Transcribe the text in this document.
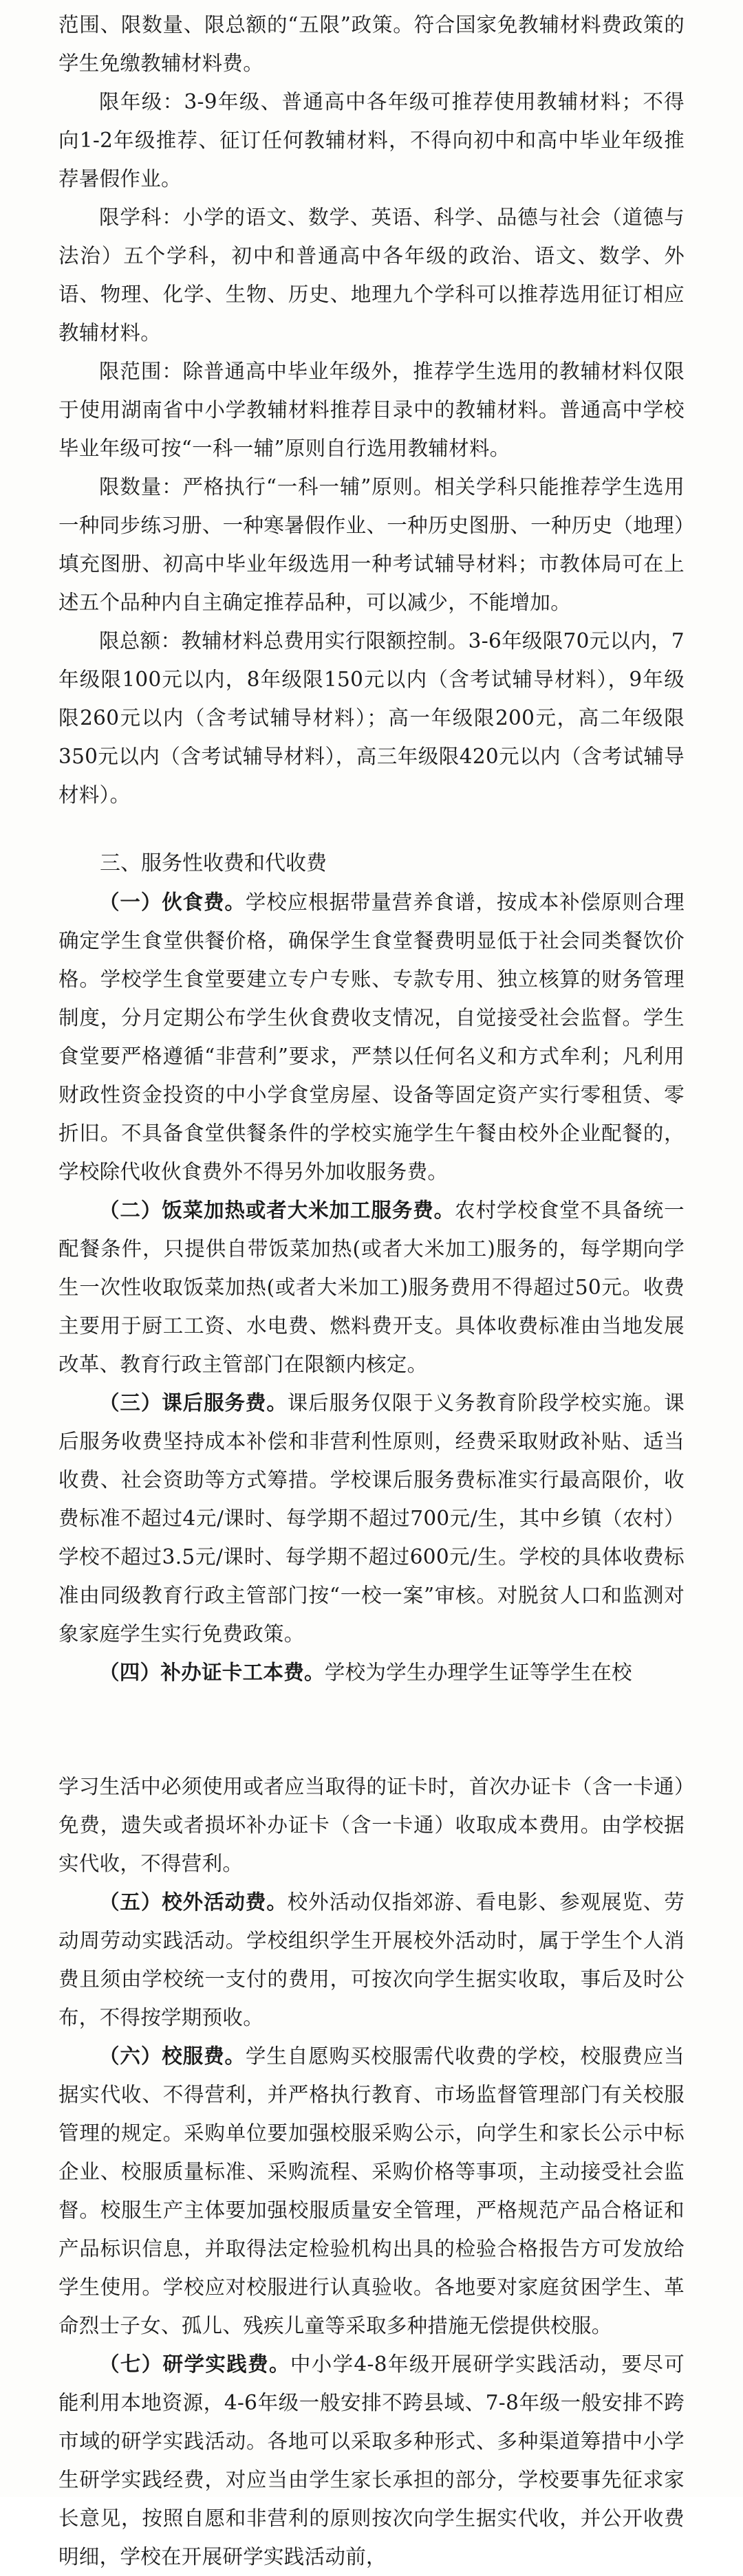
范围、限数量、限总额的“五限”政策。符合国家免教辅材料费政策的学生免缴教辅材料费。

限年级：3-9年级、普通高中各年级可推荐使用教辅材料；不得向1-2年级推荐、征订任何教辅材料，不得向初中和高中毕业年级推荐暑假作业。

限学科：小学的语文、数学、英语、科学、品德与社会（道德与法治）五个学科，初中和普通高中各年级的政治、语文、数学、外语、物理、化学、生物、历史、地理九个学科可以推荐选用征订相应教辅材料。

限范围：除普通高中毕业年级外，推荐学生选用的教辅材料仅限于使用湖南省中小学教辅材料推荐目录中的教辅材料。普通高中学校毕业年级可按“一科一辅”原则自行选用教辅材料。

限数量：严格执行“一科一辅”原则。相关学科只能推荐学生选用一种同步练习册、一种寒暑假作业、一种历史图册、一种历史（地理）填充图册、初高中毕业年级选用一种考试辅导材料；市教体局可在上述五个品种内自主确定推荐品种，可以减少，不能增加。

限总额：教辅材料总费用实行限额控制。3-6年级限70元以内，7年级限100元以内，8年级限150元以内（含考试辅导材料），9年级限260元以内（含考试辅导材料）；高一年级限200元，高二年级限350元以内（含考试辅导材料），高三年级限420元以内（含考试辅导材料）。

三、服务性收费和代收费

（一）伙食费。学校应根据带量营养食谱，按成本补偿原则合理确定学生食堂供餐价格，确保学生食堂餐费明显低于社会同类餐饮价格。学校学生食堂要建立专户专账、专款专用、独立核算的财务管理制度，分月定期公布学生伙食费收支情况，自觉接受社会监督。学生食堂要严格遵循“非营利”要求，严禁以任何名义和方式牟利；凡利用财政性资金投资的中小学食堂房屋、设备等固定资产实行零租赁、零折旧。不具备食堂供餐条件的学校实施学生午餐由校外企业配餐的，学校除代收伙食费外不得另外加收服务费。

（二）饭菜加热或者大米加工服务费。农村学校食堂不具备统一配餐条件，只提供自带饭菜加热(或者大米加工)服务的，每学期向学生一次性收取饭菜加热(或者大米加工)服务费用不得超过50元。收费主要用于厨工工资、水电费、燃料费开支。具体收费标准由当地发展改革、教育行政主管部门在限额内核定。

（三）课后服务费。课后服务仅限于义务教育阶段学校实施。课后服务收费坚持成本补偿和非营利性原则，经费采取财政补贴、适当收费、社会资助等方式筹措。学校课后服务费标准实行最高限价，收费标准不超过4元/课时、每学期不超过700元/生，其中乡镇（农村）学校不超过3.5元/课时、每学期不超过600元/生。学校的具体收费标准由同级教育行政主管部门按“一校一案”审核。对脱贫人口和监测对象家庭学生实行免费政策。

（四）补办证卡工本费。学校为学生办理学生证等学生在校

学习生活中必须使用或者应当取得的证卡时，首次办证卡（含一卡通）免费，遗失或者损坏补办证卡（含一卡通）收取成本费用。由学校据实代收，不得营利。

（五）校外活动费。校外活动仅指郊游、看电影、参观展览、劳动周劳动实践活动。学校组织学生开展校外活动时，属于学生个人消费且须由学校统一支付的费用，可按次向学生据实收取，事后及时公布，不得按学期预收。

（六）校服费。学生自愿购买校服需代收费的学校，校服费应当据实代收、不得营利，并严格执行教育、市场监督管理部门有关校服管理的规定。采购单位要加强校服采购公示，向学生和家长公示中标企业、校服质量标准、采购流程、采购价格等事项，主动接受社会监督。校服生产主体要加强校服质量安全管理，严格规范产品合格证和产品标识信息，并取得法定检验机构出具的检验合格报告方可发放给学生使用。学校应对校服进行认真验收。各地要对家庭贫困学生、革命烈士子女、孤儿、残疾儿童等采取多种措施无偿提供校服。

（七）研学实践费。中小学4-8年级开展研学实践活动，要尽可能利用本地资源，4-6年级一般安排不跨县域、7-8年级一般安排不跨市域的研学实践活动。各地可以采取多种形式、多种渠道筹措中小学生研学实践经费，对应当由学生家长承担的部分，学校要事先征求家长意见，按照自愿和非营利的原则按次向学生据实代收，并公开收费明细，学校在开展研学实践活动前，
